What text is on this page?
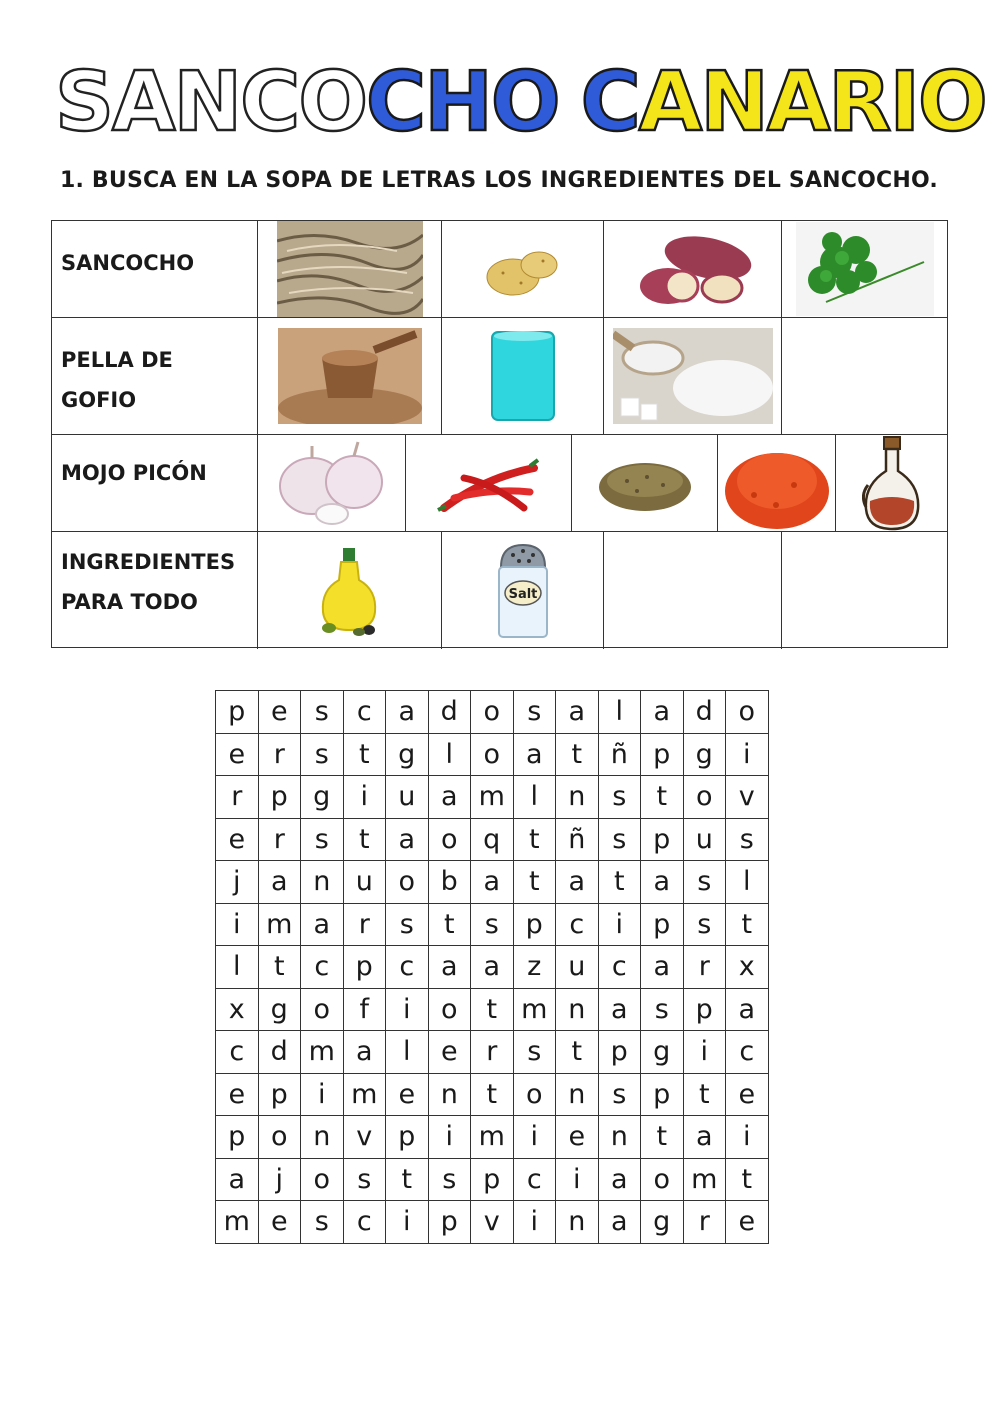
SANCOCHO CANARIO
1. BUSCA EN LA SOPA DE LETRAS LOS INGREDIENTES DEL SANCOCHO.
SANCOCHO
PELLA DE
GOFIO
MOJO PICÓN
INGREDIENTES
PARA TODO	Salt
p	e	s	c	a	d	o	s	a	l	a	d	o
e	r	s	t	g	l	o	a	t	ñ	p	g	i
r	p	g	i	u	a	m	l	n	s	t	o	v
e	r	s	t	a	o	q	t	ñ	s	p	u	s
j	a	n	u	o	b	a	t	a	t	a	s	l
i	m	a	r	s	t	s	p	c	i	p	s	t
l	t	c	p	c	a	a	z	u	c	a	r	x
x	g	o	f	i	o	t	m	n	a	s	p	a
c	d	m	a	l	e	r	s	t	p	g	i	c
e	p	i	m	e	n	t	o	n	s	p	t	e
p	o	n	v	p	i	m	i	e	n	t	a	i
a	j	o	s	t	s	p	c	i	a	o	m	t
m	e	s	c	i	p	v	i	n	a	g	r	e
